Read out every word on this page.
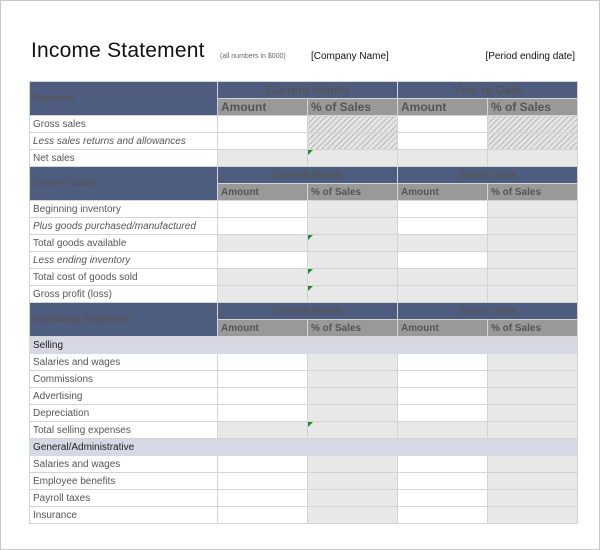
Income Statement (all numbers in $000)	[Company Name]	[Period ending date]
Revenue	Current Month		Year to Date	
	Amount	% of Sales	Amount	% of Sales
Gross sales				
Less sales returns and allowances				
Net sales		

Cost of Sales	Current Month		Year to Date	
	Amount	% of Sales	Amount	% of Sales
Beginning inventory				
Plus goods purchased/manufactured				
Total goods available		

Less ending inventory				
Total cost of goods sold		

Gross profit (loss)		

Operating Expenses	Current Month		Year to Date	
	Amount	% of Sales	Amount	% of Sales
Selling				
Salaries and wages				
Commissions				
Advertising				
Depreciation				
Total selling expenses		

General/Administrative				
Salaries and wages				
Employee benefits				
Payroll taxes				
Insurance				
